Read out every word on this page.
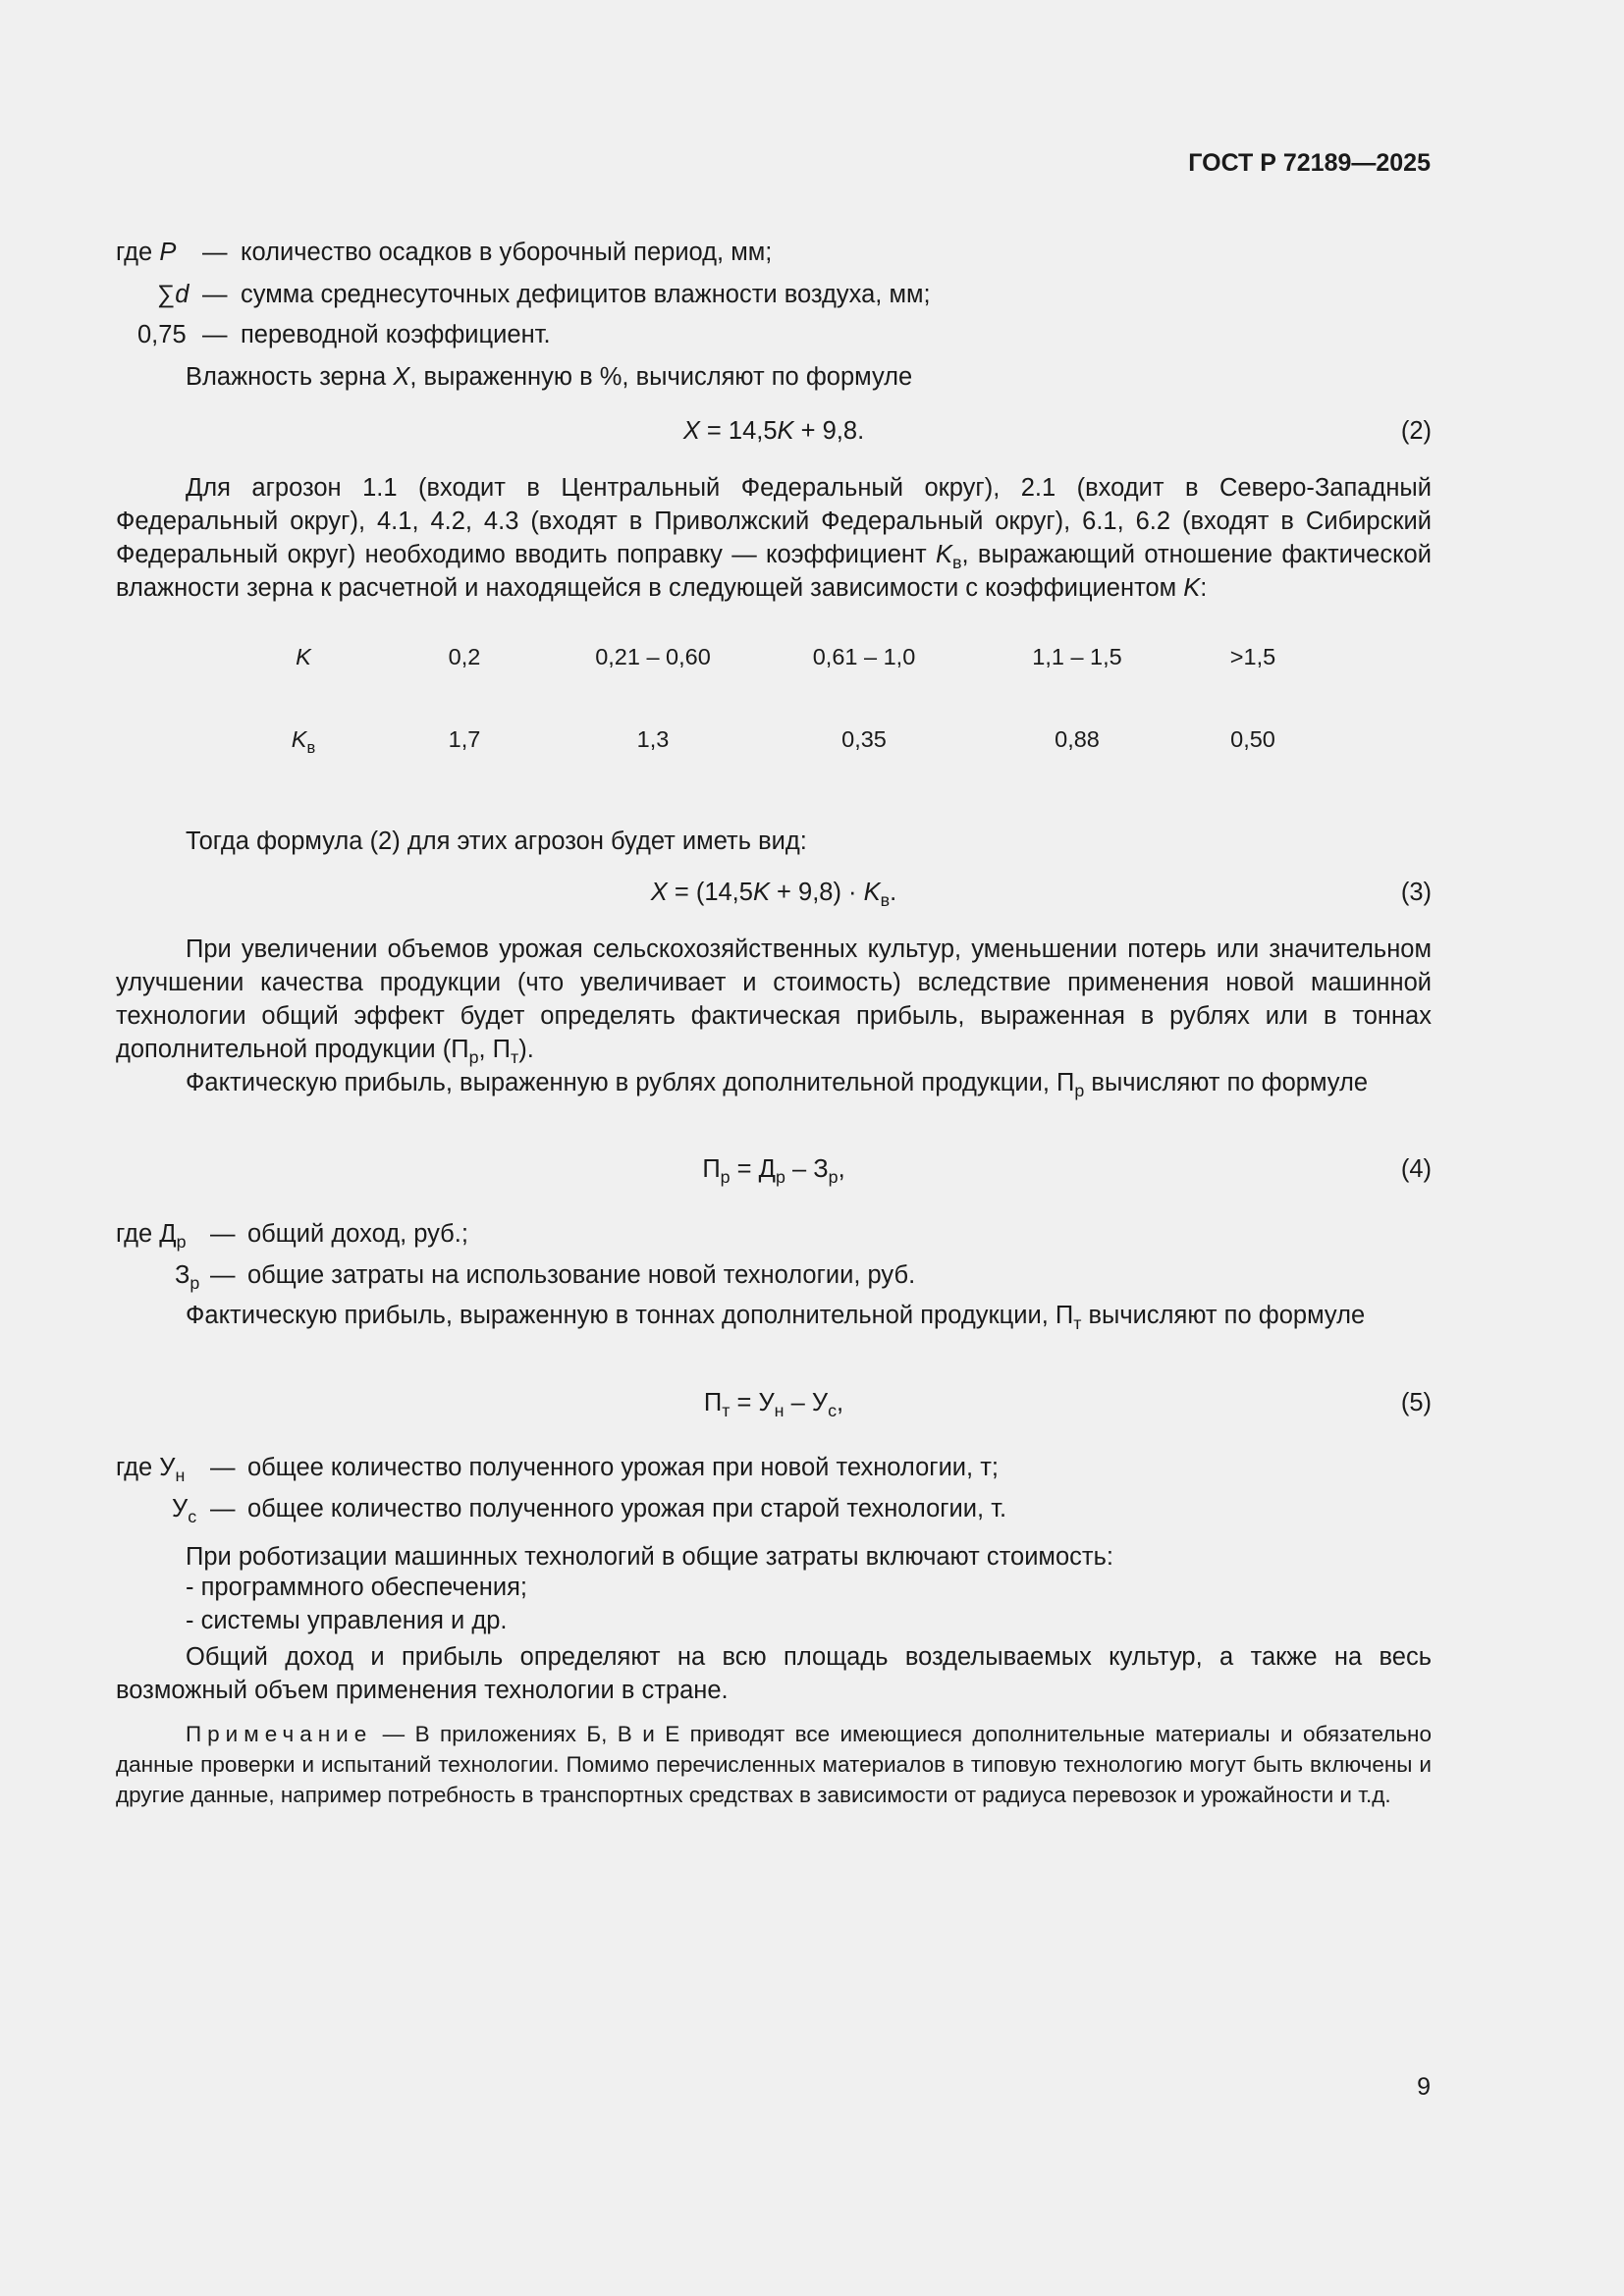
ГОСТ Р 72189—2025
где P — количество осадков в уборочный период, мм;
∑d — сумма среднесуточных дефицитов влажности воздуха, мм;
0,75 — переводной коэффициент.
Влажность зерна X, выраженную в %, вычисляют по формуле
X = 14,5K + 9,8.	(2)
Для агрозон 1.1 (входит в Центральный Федеральный округ), 2.1 (входит в Северо-Западный Федеральный округ), 4.1, 4.2, 4.3 (входят в Приволжский Федеральный округ), 6.1, 6.2 (входят в Сибирский Федеральный округ) необходимо вводить поправку — коэффициент $K_в$, выражающий отношение фактической влажности зерна к расчетной и находящейся в следующей зависимости с коэффициентом K:
K	0,2	0,21 – 0,60	0,61 – 1,0	1,1 – 1,5	>1,5
$K_в$	1,7	1,3	0,35	0,88	0,50
Тогда формула (2) для этих агрозон будет иметь вид:
$X = (14,5K + 9,8) \cdot K_в$.	(3)
При увеличении объемов урожая сельскохозяйственных культур, уменьшении потерь или значительном улучшении качества продукции (что увеличивает и стоимость) вследствие применения новой машинной технологии общий эффект будет определять фактическая прибыль, выраженная в рублях или в тоннах дополнительной продукции ($П_р$, $П_т$).
Фактическую прибыль, выраженную в рублях дополнительной продукции, $П_р$ вычисляют по формуле
$П_р = Д_р - З_р$,	(4)
где $Д_р$ — общий доход, руб.;
$З_р$ — общие затраты на использование новой технологии, руб.
Фактическую прибыль, выраженную в тоннах дополнительной продукции, $П_т$ вычисляют по формуле
$П_т = У_н - У_с$,	(5)
где $У_н$ — общее количество полученного урожая при новой технологии, т;
$У_с$ — общее количество полученного урожая при старой технологии, т.
При роботизации машинных технологий в общие затраты включают стоимость:
- программного обеспечения;
- системы управления и др.
Общий доход и прибыль определяют на всю площадь возделываемых культур, а также на весь возможный объем применения технологии в стране.
Примечание — В приложениях Б, В и Е приводят все имеющиеся дополнительные материалы и обязательно данные проверки и испытаний технологии. Помимо перечисленных материалов в типовую технологию могут быть включены и другие данные, например потребность в транспортных средствах в зависимости от радиуса перевозок и урожайности и т.д.
9
